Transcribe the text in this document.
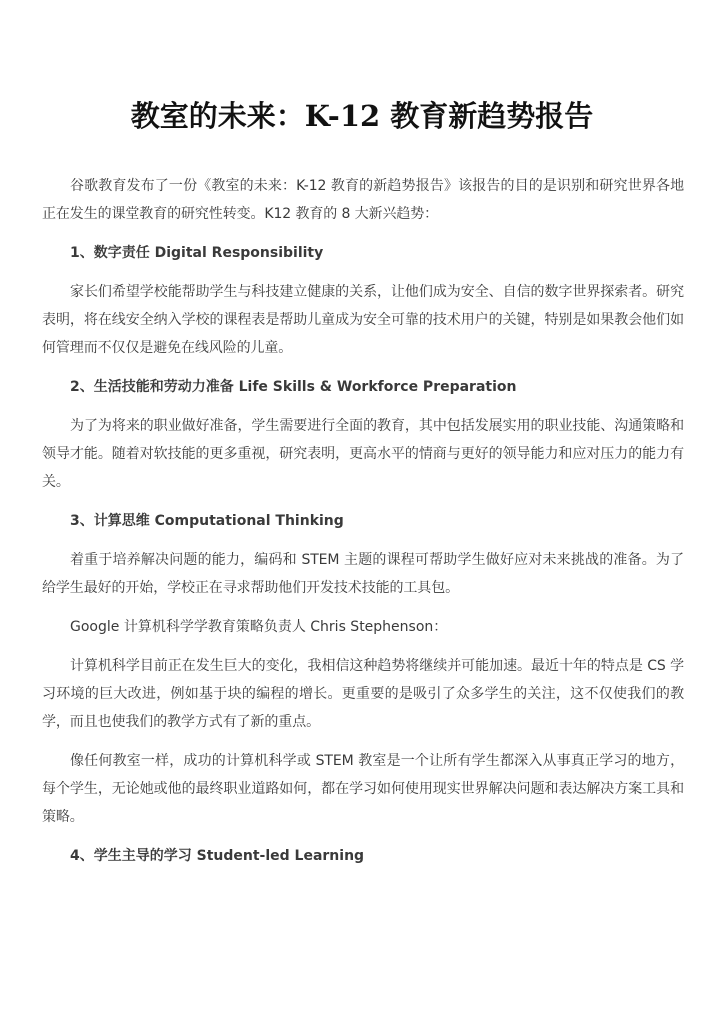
教室的未来：K-12 教育新趋势报告

谷歌教育发布了一份《教室的未来：K-12 教育的新趋势报告》该报告的目的是识别和研究世界各地正在发生的课堂教育的研究性转变。K12 教育的 8 大新兴趋势：

1、数字责任 Digital Responsibility

家长们希望学校能帮助学生与科技建立健康的关系，让他们成为安全、自信的数字世界探索者。研究表明，将在线安全纳入学校的课程表是帮助儿童成为安全可靠的技术用户的关键，特别是如果教会他们如何管理而不仅仅是避免在线风险的儿童。

2、生活技能和劳动力准备 Life Skills & Workforce Preparation

为了为将来的职业做好准备，学生需要进行全面的教育，其中包括发展实用的职业技能、沟通策略和领导才能。随着对软技能的更多重视，研究表明，更高水平的情商与更好的领导能力和应对压力的能力有关。

3、计算思维 Computational Thinking

着重于培养解决问题的能力，编码和 STEM 主题的课程可帮助学生做好应对未来挑战的准备。为了给学生最好的开始，学校正在寻求帮助他们开发技术技能的工具包。

Google 计算机科学学教育策略负责人 Chris Stephenson：

计算机科学目前正在发生巨大的变化，我相信这种趋势将继续并可能加速。最近十年的特点是 CS 学习环境的巨大改进，例如基于块的编程的增长。更重要的是吸引了众多学生的关注，这不仅使我们的教学，而且也使我们的教学方式有了新的重点。

像任何教室一样，成功的计算机科学或 STEM 教室是一个让所有学生都深入从事真正学习的地方，每个学生，无论她或他的最终职业道路如何，都在学习如何使用现实世界解决问题和表达解决方案工具和策略。

4、学生主导的学习 Student-led Learning
